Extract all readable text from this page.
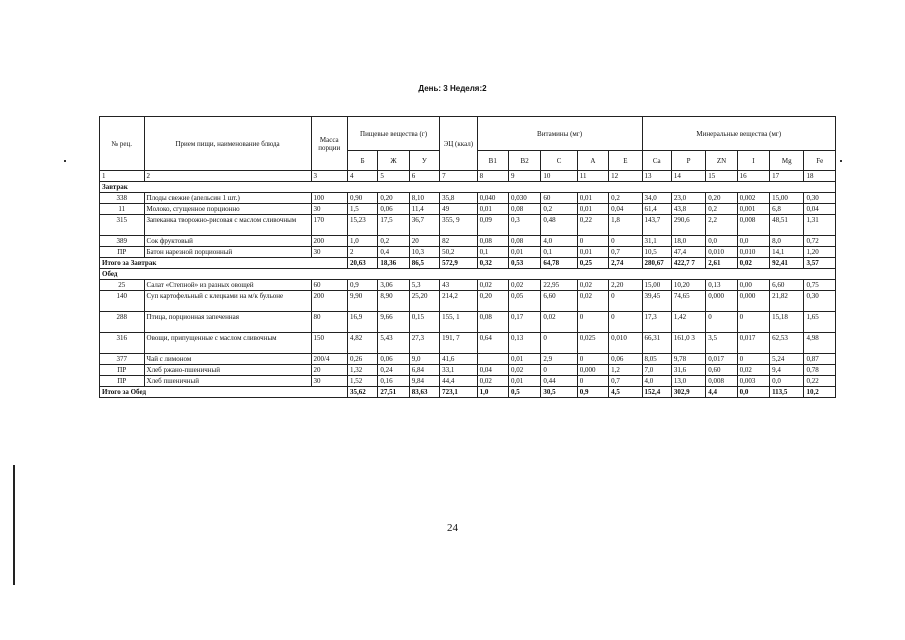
День: 3 Неделя:2
№ рец.	Прием пищи, наименование блюда	Масса порции	Пищевые вещества (г)			ЭЦ (ккал)	Витамины (мг)					Минеральные вещества (мг)					
			Б	Ж	У		В1	В2	С	А	Е	Са	Р	ZN	I	Mg	Fe
1	2	3	4	5	6	7	8	9	10	11	12	13	14	15	16	17	18
Завтрак																	
338	Плоды свежие (апельсин 1 шт.)	100	0,90	0,20	8,10	35,8	0,040	0,030	60	0,01	0,2	34,0	23,0	0,20	0,002	15,00	0,30
11	Молоко, сгущенное порционно	30	1,5	0,06	11,4	49	0,01	0,08	0,2	0,01	0,04	61,4	43,8	0,2	0,001	6,8	0,04
315	Запеканка творожно-рисовая с маслом сливочным	170	15,23	17,5	36,7	355, 9	0,09	0,3	0,48	0,22	1,8	143,7	290,6	2,2	0,008	48,51	1,31
389	Сок фруктовый	200	1,0	0,2	20	82	0,08	0,08	4,0	0	0	31,1	18,0	0,0	0,0	8,0	0,72
ПР	Батон нарезной порционный	30	2	0,4	10,3	50,2	0,1	0,01	0,1	0,01	0,7	10,5	47,4	0,010	0,010	14,1	1,20
Итого за Завтрак			20,63	18,36	86,5	572,9	0,32	0,53	64,78	0,25	2,74	280,67	422,7 7	2,61	0,02	92,41	3,57
Обед																	
25	Салат «Степной» из разных овощей	60	0,9	3,06	5,3	43	0,02	0,02	22,95	0,02	2,20	15,00	10,20	0,13	0,00	6,60	0,75
140	Суп картофельный с клецками на м/к бульоне	200	9,90	8,90	25,20	214,2	0,20	0,05	6,60	0,02	0	39,45	74,65	0,000	0,000	21,82	0,30
288	Птица, порционная запеченная	80	16,9	9,66	0,15	155, 1	0,08	0,17	0,02	0	0	17,3	1,42	0	0	15,18	1,65
316	Овощи, припущенные с маслом сливочным	150	4,82	5,43	27,3	191, 7	0,64	0,13	0	0,025	0,010	66,31	161,0 3	3,5	0,017	62,53	4,98
377	Чай с лимоном	200/4	0,26	0,06	9,0	41,6		0,01	2,9	0	0,06	8,05	9,78	0,017	0	5,24	0,87
ПР	Хлеб ржано-пшеничный	20	1,32	0,24	6,84	33,1	0,04	0,02	0	0,000	1,2	7,0	31,6	0,60	0,02	9,4	0,78
ПР	Хлеб пшеничный	30	1,52	0,16	9,84	44,4	0,02	0,01	0,44	0	0,7	4,0	13,0	0,008	0,003	0,0	0,22
Итого за Обед			35,62	27,51	83,63	723,1	1,0	0,5	30,5	0,9	4,5	152,4	302,9	4,4	0,0	113,5	10,2
24
